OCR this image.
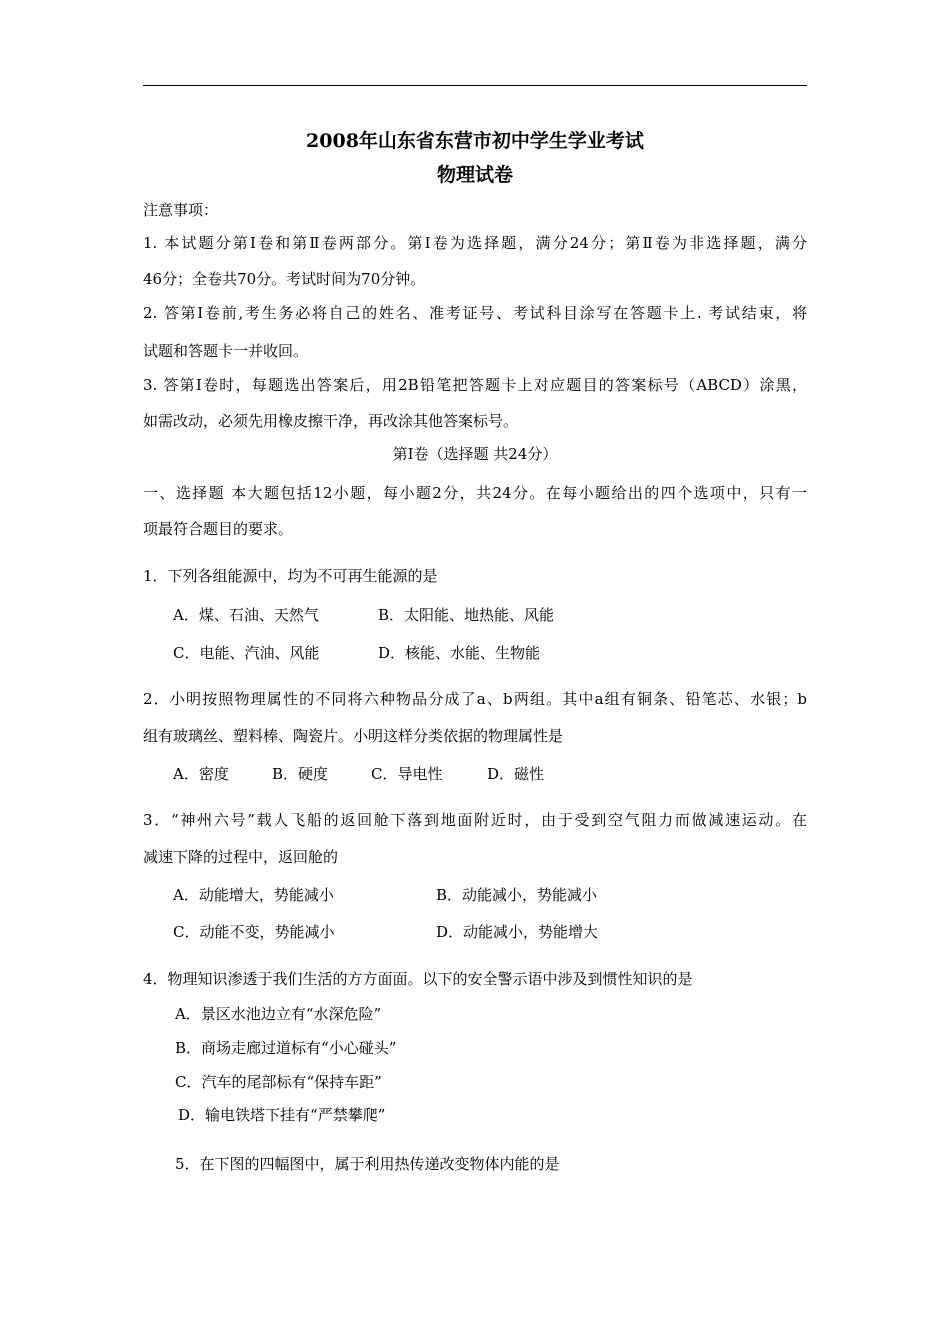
2008年山东省东营市初中学生学业考试
物理试卷
注意事项：
1. 本试题分第Ⅰ卷和第Ⅱ卷两部分。第Ⅰ卷为选择题，满分24分；第Ⅱ卷为非选择题，满分
46分；全卷共70分。考试时间为70分钟。
2. 答第Ⅰ卷前,考生务必将自己的姓名、准考证号、考试科目涂写在答题卡上. 考试结束，将
试题和答题卡一并收回。
3. 答第Ⅰ卷时，每题选出答案后，用2B铅笔把答题卡上对应题目的答案标号（ABCD）涂黑，
如需改动，必须先用橡皮擦干净，再改涂其他答案标号。
第Ⅰ卷（选择题 共24分）
一、选择题 本大题包括12小题，每小题2分，共24分。在每小题给出的四个选项中，只有一
项最符合题目的要求。
1．下列各组能源中，均为不可再生能源的是
A．煤、石油、天然气	B．太阳能、地热能、风能
C．电能、汽油、风能	D．核能、水能、生物能
2．小明按照物理属性的不同将六种物品分成了a、b两组。其中a组有铜条、铅笔芯、水银；b
组有玻璃丝、塑料棒、陶瓷片。小明这样分类依据的物理属性是
A．密度	B．硬度	C．导电性	D．磁性
3．“神州六号”载人飞船的返回舱下落到地面附近时，由于受到空气阻力而做减速运动。在
减速下降的过程中，返回舱的
A．动能增大，势能减小	B．动能减小，势能减小
C．动能不变，势能减小	D．动能减小，势能增大
4．物理知识渗透于我们生活的方方面面。以下的安全警示语中涉及到惯性知识的是
A．景区水池边立有“水深危险”
B．商场走廊过道标有“小心碰头”
C．汽车的尾部标有“保持车距”
D．输电铁塔下挂有“严禁攀爬”
5．在下图的四幅图中，属于利用热传递改变物体内能的是
